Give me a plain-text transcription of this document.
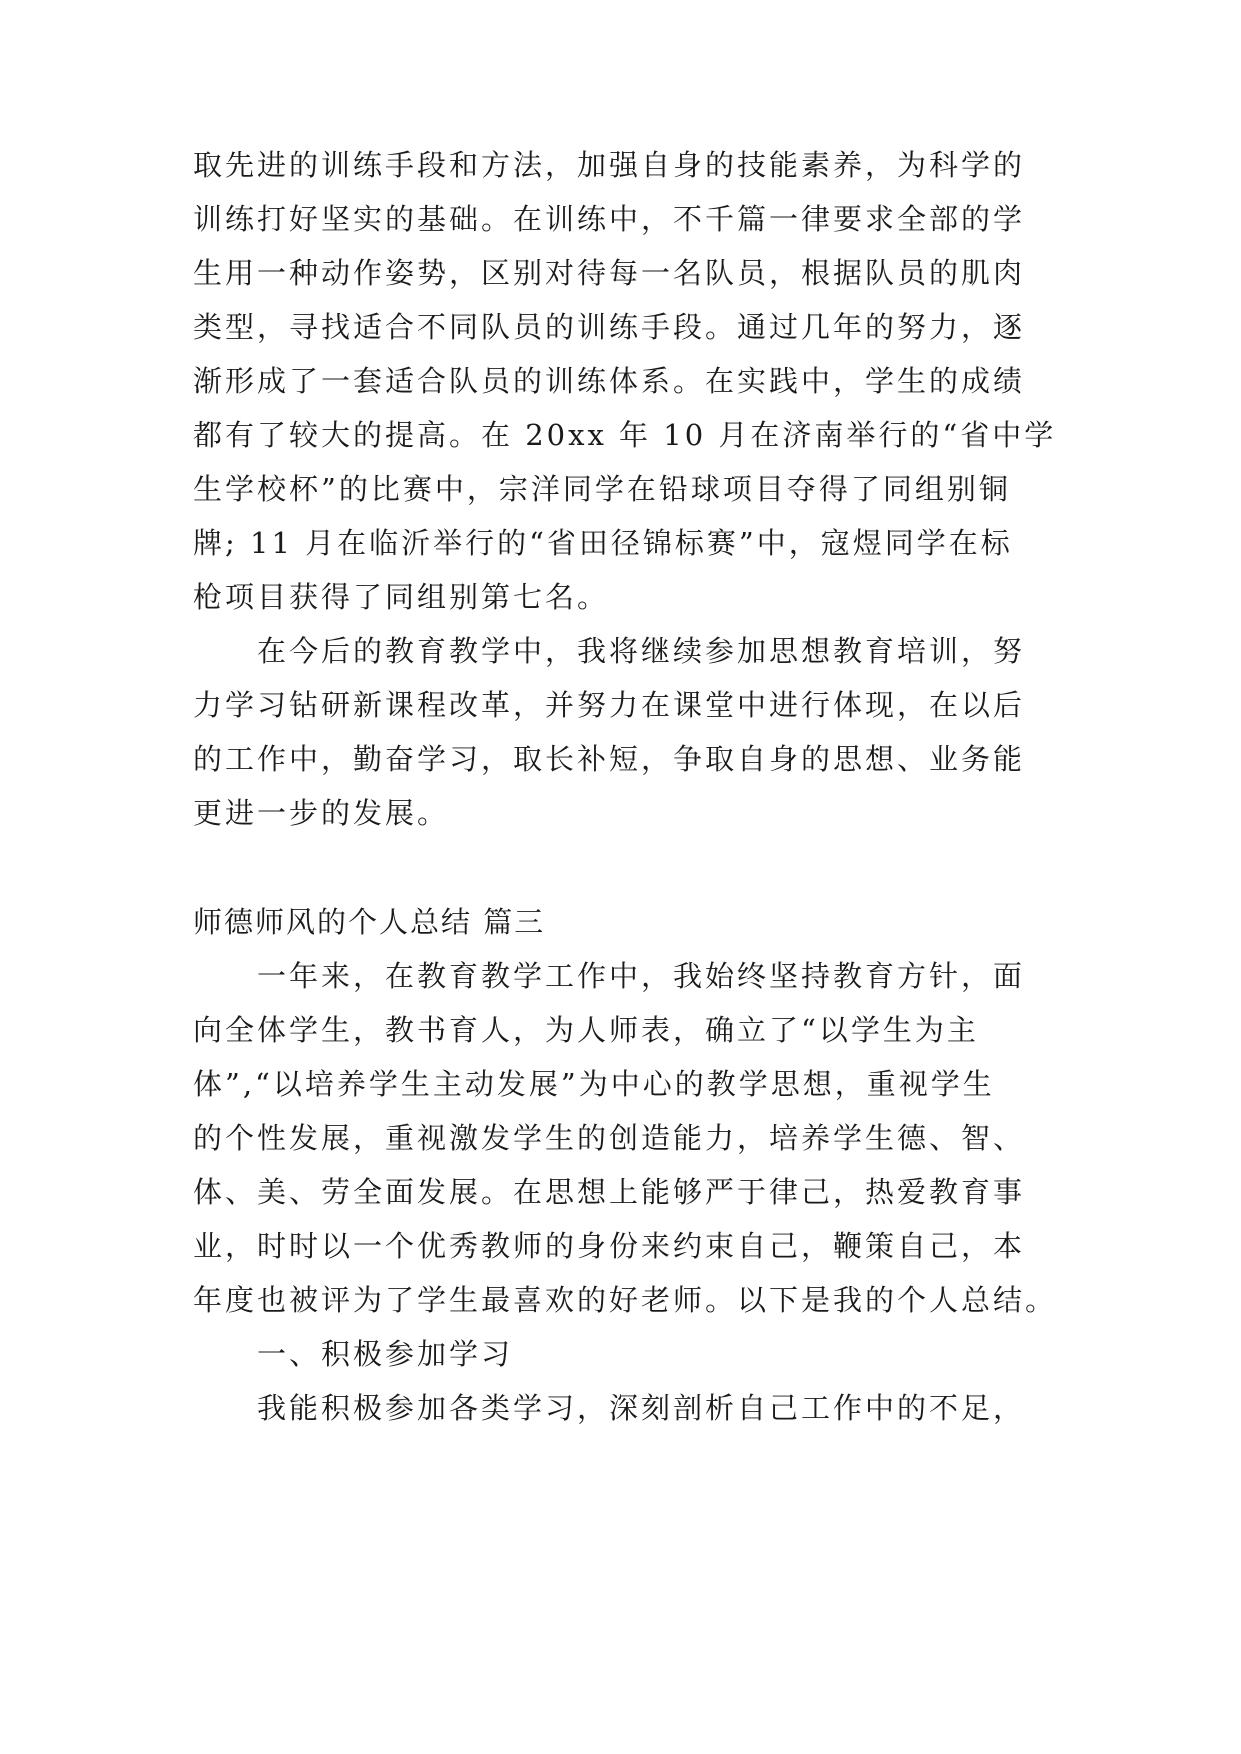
取先进的训练手段和方法，加强自身的技能素养，为科学的
训练打好坚实的基础。在训练中，不千篇一律要求全部的学
生用一种动作姿势，区别对待每一名队员，根据队员的肌肉
类型，寻找适合不同队员的训练手段。通过几年的努力，逐
渐形成了一套适合队员的训练体系。在实践中，学生的成绩
都有了较大的提高。在 20xx 年 10 月在济南举行的“省中学
生学校杯”的比赛中，宗洋同学在铅球项目夺得了同组别铜
牌; 11 月在临沂举行的“省田径锦标赛”中，寇煜同学在标
枪项目获得了同组别第七名。
在今后的教育教学中，我将继续参加思想教育培训，努
力学习钻研新课程改革，并努力在课堂中进行体现，在以后
的工作中，勤奋学习，取长补短，争取自身的思想、业务能
更进一步的发展。
师德师风的个人总结 篇三
一年来，在教育教学工作中，我始终坚持教育方针，面
向全体学生，教书育人，为人师表，确立了“以学生为主
体”,“以培养学生主动发展”为中心的教学思想，重视学生
的个性发展，重视激发学生的创造能力，培养学生德、智、
体、美、劳全面发展。在思想上能够严于律己，热爱教育事
业，时时以一个优秀教师的身份来约束自己，鞭策自己，本
年度也被评为了学生最喜欢的好老师。以下是我的个人总结。
一、积极参加学习
我能积极参加各类学习，深刻剖析自己工作中的不足，
